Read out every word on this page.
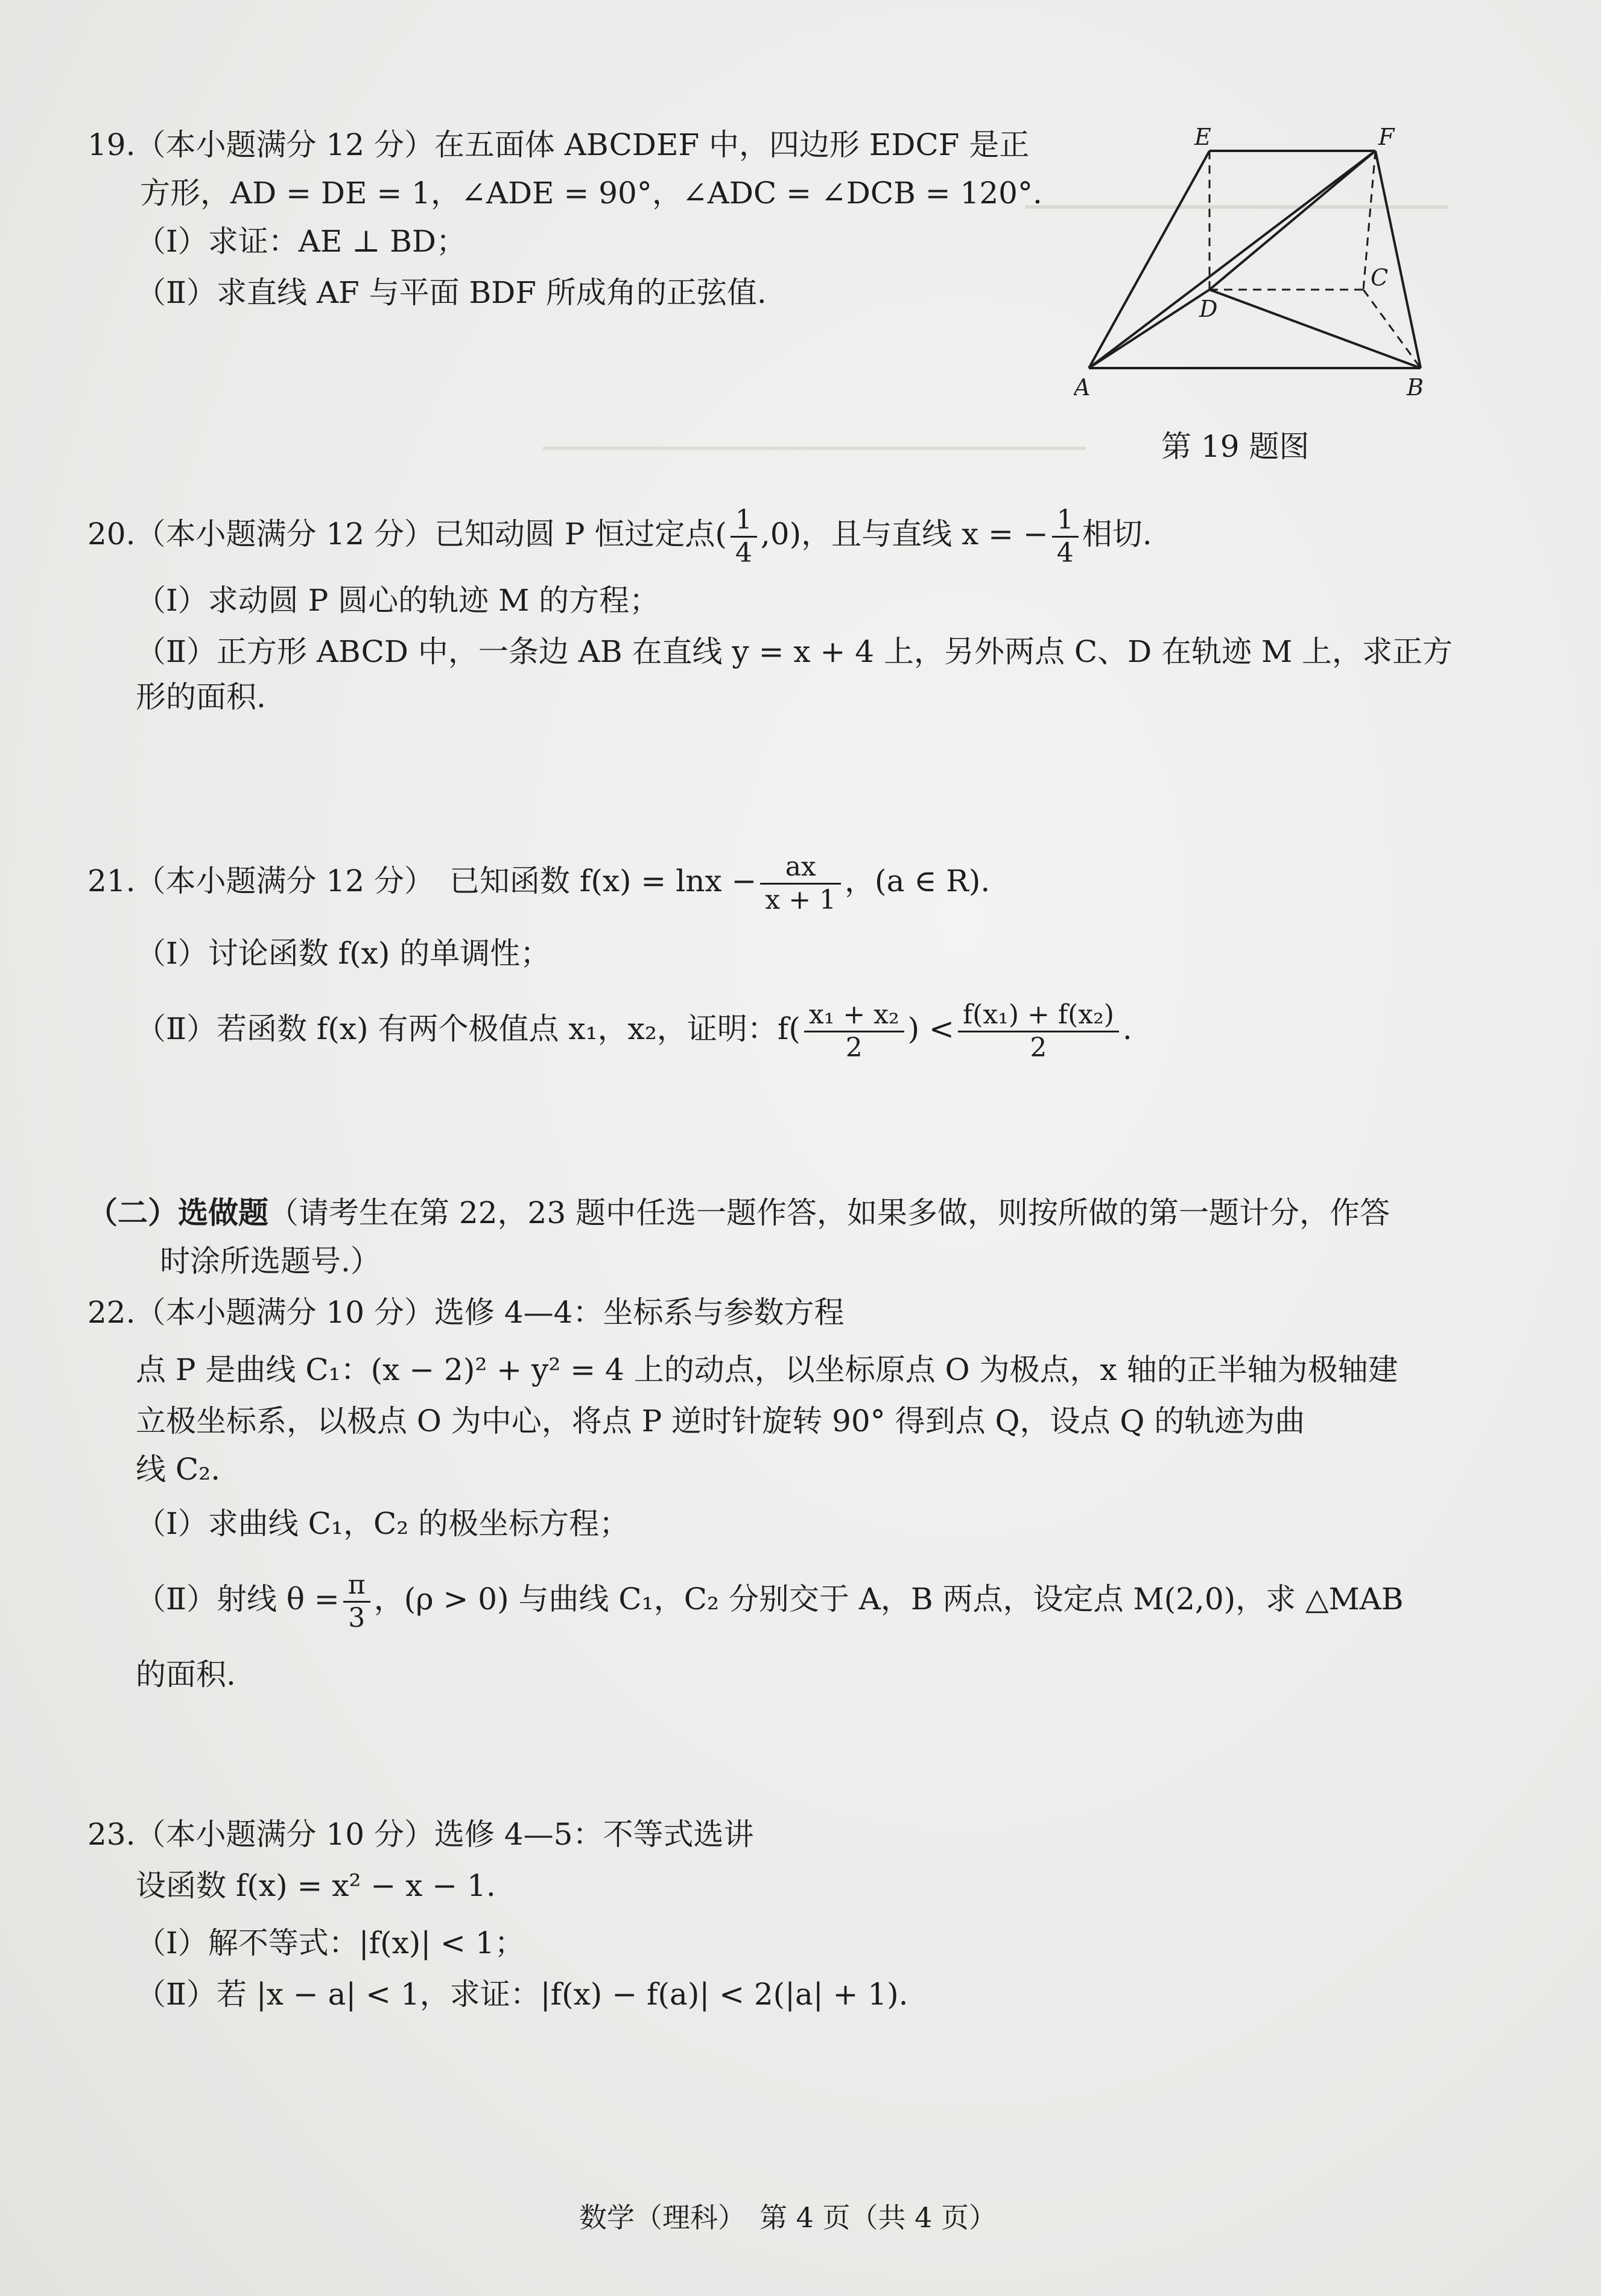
19.（本小题满分 12 分）在五面体 ABCDEF 中，四边形 EDCF 是正
方形，AD = DE = 1，∠ADE = 90°，∠ADC = ∠DCB = 120°.
（Ⅰ）求证：AE ⊥ BD；
（Ⅱ）求直线 AF 与平面 BDF 所成角的正弦值.
E	F
C
D
A	B
第 19 题图
20.（本小题满分 12 分）已知动圆 P 恒过定点( $\frac{1}{4} ,0$)，且与直线 x = − $\frac{1}{4}$ 相切.
（Ⅰ）求动圆 P 圆心的轨迹 M 的方程；
（Ⅱ）正方形 ABCD 中，一条边 AB 在直线 y = x + 4 上，另外两点 C、D 在轨迹 M 上，求正方
形的面积.
21.（本小题满分 12 分）　已知函数 $f(x) = \ln x - \frac{ax}{x + 1}$ ，(a ∈ R).
（Ⅰ）讨论函数 f(x) 的单调性；
（Ⅱ）若函数 f(x) 有两个极值点 x₁，x₂，证明：$f( \frac{\text{x₁ + x₂}}{2}$ ) < $\frac{\text{f(x₁) + f(x₂)}}{2}$ .
（二）选做题（请考生在第 22，23 题中任选一题作答，如果多做，则按所做的第一题计分，作答
时涂所选题号.）
22.（本小题满分 10 分）选修 4—4：坐标系与参数方程
点 P 是曲线 C₁：(x − 2)² + y² = 4 上的动点，以坐标原点 O 为极点，x 轴的正半轴为极轴建
立极坐标系，以极点 O 为中心，将点 P 逆时针旋转 90° 得到点 Q，设点 Q 的轨迹为曲
线 C₂.
（Ⅰ）求曲线 C₁，C₂ 的极坐标方程；
（Ⅱ）射线 $\theta = \frac{\pi}{3}$ ，(ρ > 0) 与曲线 C₁，C₂ 分别交于 A，B 两点，设定点 M(2,0)，求 △MAB
的面积.
23.（本小题满分 10 分）选修 4—5：不等式选讲
设函数 f(x) = x² − x − 1.
（Ⅰ）解不等式：|f(x)| < 1；
（Ⅱ）若 |x − a| < 1，求证：|f(x) − f(a)| < 2(|a| + 1).
数学（理科）　第 4 页（共 4 页）
